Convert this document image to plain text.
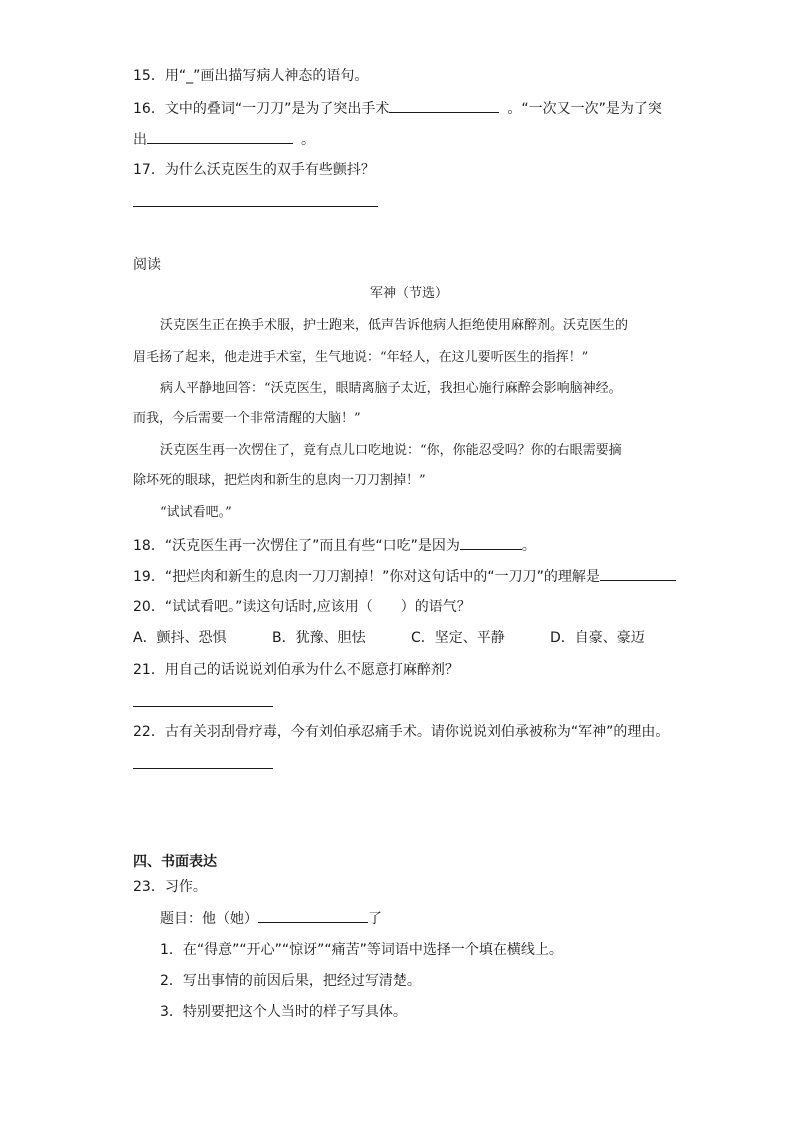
15．用“_”画出描写病人神态的语句。
16．文中的叠词“一刀刀”是为了突出手术	。“一次又一次”是为了突
出	。
17．为什么沃克医生的双手有些颤抖？
阅读
军神（节选）
沃克医生正在换手术服，护士跑来，低声告诉他病人拒绝使用麻醉剂。沃克医生的
眉毛扬了起来，他走进手术室，生气地说：“年轻人，在这儿要听医生的指挥！”
病人平静地回答：“沃克医生，眼睛离脑子太近，我担心施行麻醉会影响脑神经。
而我，今后需要一个非常清醒的大脑！”
沃克医生再一次愣住了，竟有点儿口吃地说：“你，你能忍受吗？你的右眼需要摘
除坏死的眼球，把烂肉和新生的息肉一刀刀割掉！”
“试试看吧。”
18．“沃克医生再一次愣住了”而且有些“口吃”是因为	。
19．“把烂肉和新生的息肉一刀刀割掉！”你对这句话中的“一刀刀”的理解是
20．“试试看吧。”读这句话时,应该用（　　）的语气？
A．颤抖、恐惧	B．犹豫、胆怯	C．坚定、平静	D．自豪、豪迈
21．用自己的话说说刘伯承为什么不愿意打麻醉剂？
22．古有关羽刮骨疗毒，今有刘伯承忍痛手术。请你说说刘伯承被称为“军神”的理由。
四、书面表达
23．习作。
题目：他（她）	了
1．在“得意”“开心”“惊讶”“痛苦”等词语中选择一个填在横线上。
2．写出事情的前因后果，把经过写清楚。
3．特别要把这个人当时的样子写具体。
